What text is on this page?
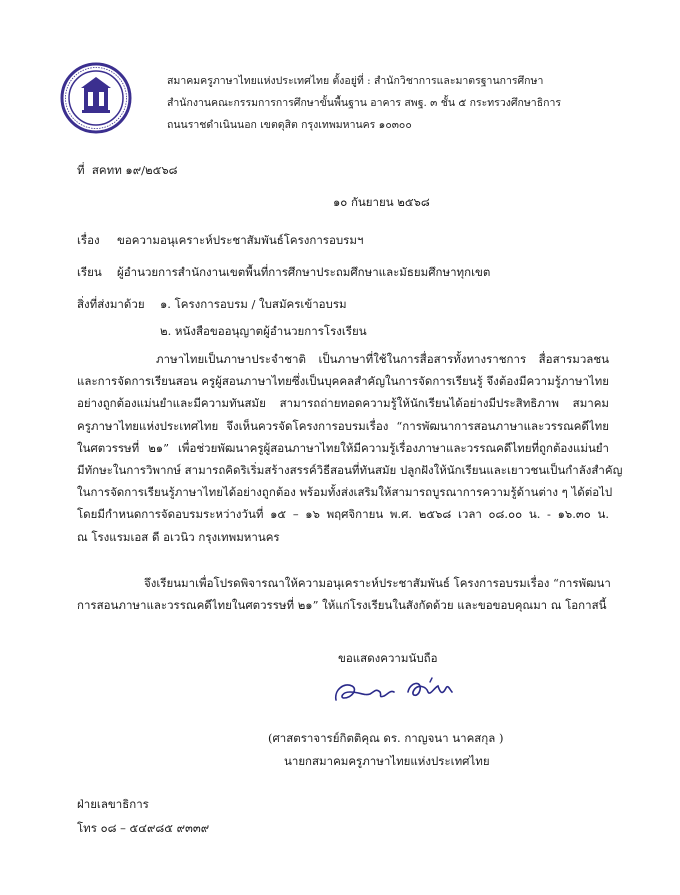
สมาคมครูภาษาไทยแห่งประเทศไทย ตั้งอยู่ที่ : สำนักวิชาการและมาตรฐานการศึกษา
สำนักงานคณะกรรมการการศึกษาขั้นพื้นฐาน อาคาร สพฐ. ๓ ชั้น ๕ กระทรวงศึกษาธิการ
ถนนราชดำเนินนอก เขตดุสิต กรุงเทพมหานคร ๑๐๓๐๐
ที่ สคทท ๑๙/๒๕๖๘
๑๐ กันยายน ๒๕๖๘
เรื่อง ขอความอนุเคราะห์ประชาสัมพันธ์โครงการอบรมฯ
เรียน ผู้อำนวยการสำนักงานเขตพื้นที่การศึกษาประถมศึกษาและมัธยมศึกษาทุกเขต
สิ่งที่ส่งมาด้วย ๑. โครงการอบรม / ใบสมัครเข้าอบรม
๒. หนังสือขออนุญาตผู้อำนวยการโรงเรียน
ภาษาไทยเป็นภาษาประจำชาติ เป็นภาษาที่ใช้ในการสื่อสารทั้งทางราชการ สื่อสารมวลชน
และการจัดการเรียนสอน ครูผู้สอนภาษาไทยซึ่งเป็นบุคคลสำคัญในการจัดการเรียนรู้ จึงต้องมีความรู้ภาษาไทย
อย่างถูกต้องแม่นยำและมีความทันสมัย สามารถถ่ายทอดความรู้ให้นักเรียนได้อย่างมีประสิทธิภาพ สมาคม
ครูภาษาไทยแห่งประเทศไทย จึงเห็นควรจัดโครงการอบรมเรื่อง “การพัฒนาการสอนภาษาและวรรณคดีไทย
ในศตวรรษที่ ๒๑” เพื่อช่วยพัฒนาครูผู้สอนภาษาไทยให้มีความรู้เรื่องภาษาและวรรณคดีไทยที่ถูกต้องแม่นยำ
มีทักษะในการวิพากษ์ สามารถคิดริเริ่มสร้างสรรค์วิธีสอนที่ทันสมัย ปลูกฝังให้นักเรียนและเยาวชนเป็นกำลังสำคัญ
ในการจัดการเรียนรู้ภาษาไทยได้อย่างถูกต้อง พร้อมทั้งส่งเสริมให้สามารถบูรณาการความรู้ด้านต่าง ๆ ได้ต่อไป
โดยมีกำหนดการจัดอบรมระหว่างวันที่ ๑๕ – ๑๖ พฤศจิกายน พ.ศ. ๒๕๖๘ เวลา ๐๘.๐๐ น. - ๑๖.๓๐ น.
ณ โรงแรมเอส ดี อเวนิว กรุงเทพมหานคร
จึงเรียนมาเพื่อโปรดพิจารณาให้ความอนุเคราะห์ประชาสัมพันธ์ โครงการอบรมเรื่อง “การพัฒนา
การสอนภาษาและวรรณคดีไทยในศตวรรษที่ ๒๑” ให้แก่โรงเรียนในสังกัดด้วย และขอขอบคุณมา ณ โอกาสนี้
ขอแสดงความนับถือ
(ศาสตราจารย์กิตติคุณ ดร. กาญจนา นาคสกุล )
นายกสมาคมครูภาษาไทยแห่งประเทศไทย
ฝ่ายเลขาธิการ
โทร ๐๘ – ๕๔๙๘๕ ๙๓๓๙
